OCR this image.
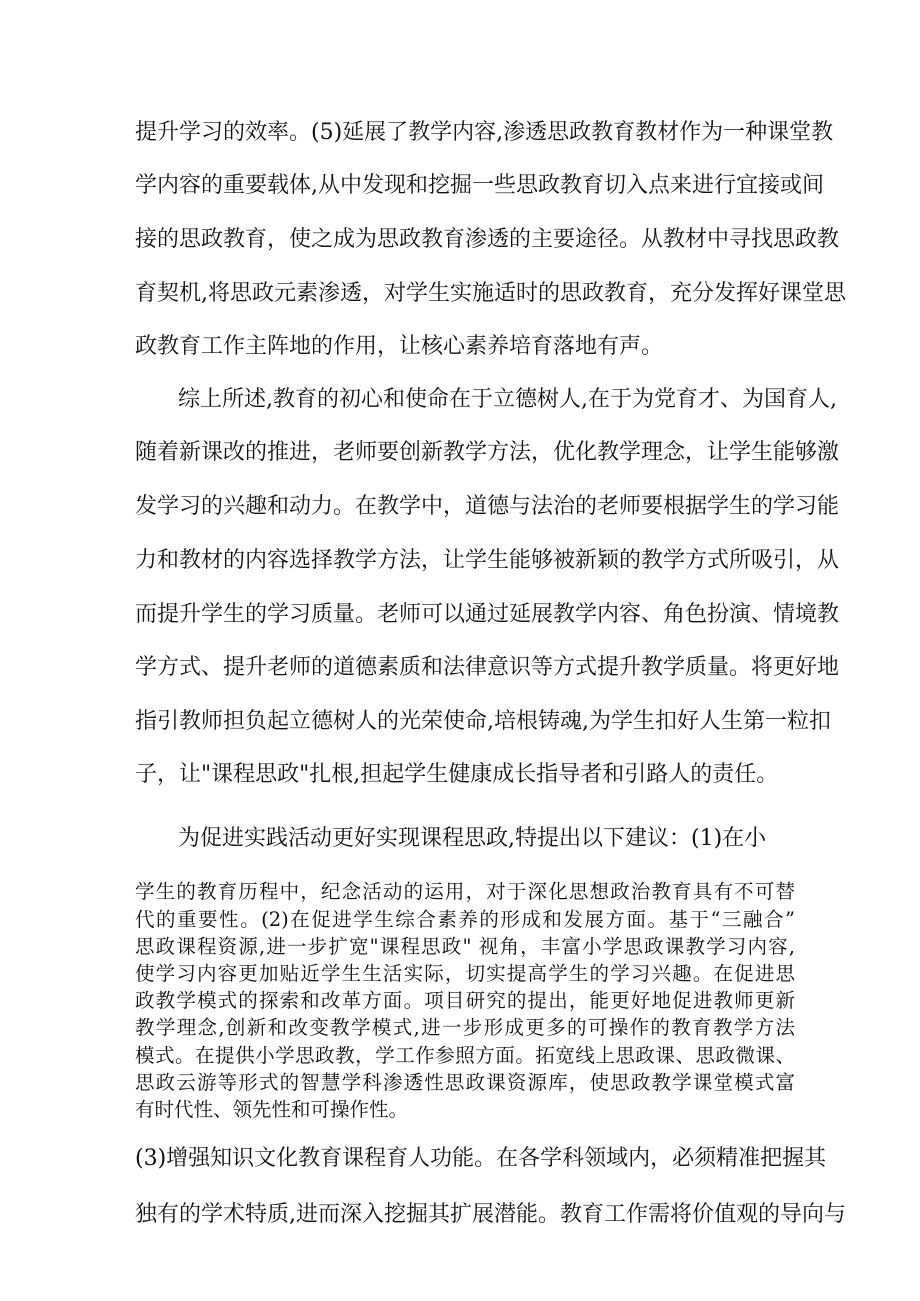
提升学习的效率。(5)延展了教学内容,渗透思政教育教材作为一种课堂教
学内容的重要载体,从中发现和挖掘一些思政教育切入点来进行宜接或间
接的思政教育，使之成为思政教育渗透的主要途径。从教材中寻找思政教
育契机,将思政元素渗透，对学生实施适时的思政教育，充分发挥好课堂思
政教育工作主阵地的作用，让核心素养培育落地有声。
综上所述,教育的初心和使命在于立德树人,在于为党育才、为国育人,
随着新课改的推进，老师要创新教学方法，优化教学理念，让学生能够激
发学习的兴趣和动力。在教学中，道德与法治的老师要根据学生的学习能
力和教材的内容选择教学方法，让学生能够被新颖的教学方式所吸引，从
而提升学生的学习质量。老师可以通过延展教学内容、角色扮演、情境教
学方式、提升老师的道德素质和法律意识等方式提升教学质量。将更好地
指引教师担负起立德树人的光荣使命,培根铸魂,为学生扣好人生第一粒扣
子，让"课程思政"扎根,担起学生健康成长指导者和引路人的责任。
为促进实践活动更好实现课程思政,特提出以下建议：(1)在小
学生的教育历程中，纪念活动的运用，对于深化思想政治教育具有不可替
代的重要性。(2)在促进学生综合素养的形成和发展方面。基于“三融合”
思政课程资源,进一步扩宽"课程思政" 视角，丰富小学思政课教学习内容,
使学习内容更加贴近学生生活实际，切实提高学生的学习兴趣。在促进思
政教学模式的探索和改革方面。项目研究的提出，能更好地促进教师更新
教学理念,创新和改变教学模式,进一步形成更多的可操作的教育教学方法
模式。在提供小学思政教，学工作参照方面。拓宽线上思政课、思政微课、
思政云游等形式的智慧学科渗透性思政课资源库，使思政教学课堂模式富
有时代性、领先性和可操作性。
(3)增强知识文化教育课程育人功能。在各学科领域内，必须精准把握其
独有的学术特质,进而深入挖掘其扩展潜能。教育工作需将价值观的导向与
